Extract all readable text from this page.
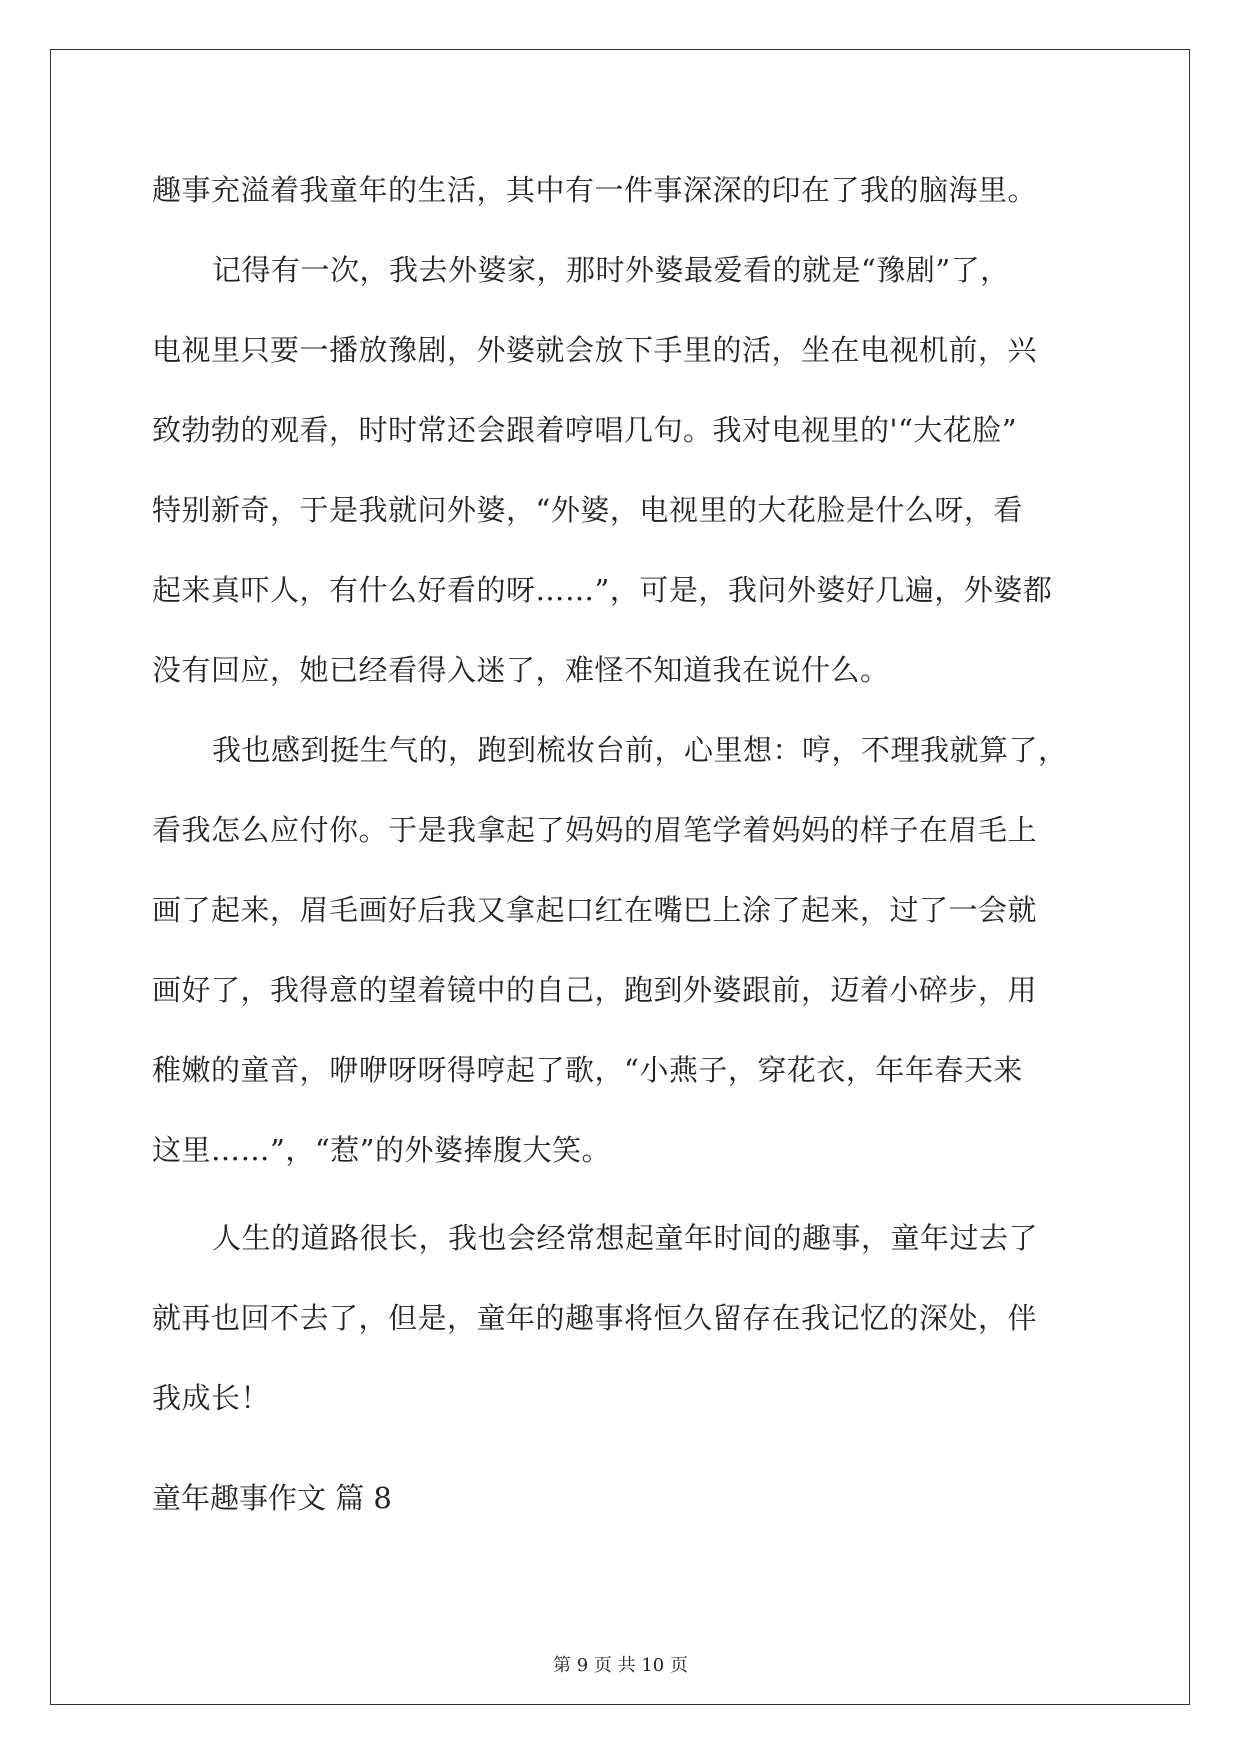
趣事充溢着我童年的生活，其中有一件事深深的印在了我的脑海里。
记得有一次，我去外婆家，那时外婆最爱看的就是“豫剧”了，
电视里只要一播放豫剧，外婆就会放下手里的活，坐在电视机前，兴
致勃勃的观看，时时常还会跟着哼唱几句。我对电视里的'“大花脸”
特别新奇，于是我就问外婆，“外婆，电视里的大花脸是什么呀，看
起来真吓人，有什么好看的呀……”，可是，我问外婆好几遍，外婆都
没有回应，她已经看得入迷了，难怪不知道我在说什么。
我也感到挺生气的，跑到梳妆台前，心里想：哼，不理我就算了，
看我怎么应付你。于是我拿起了妈妈的眉笔学着妈妈的样子在眉毛上
画了起来，眉毛画好后我又拿起口红在嘴巴上涂了起来，过了一会就
画好了，我得意的望着镜中的自己，跑到外婆跟前，迈着小碎步，用
稚嫩的童音，咿咿呀呀得哼起了歌，“小燕子，穿花衣，年年春天来
这里……”，“惹”的外婆捧腹大笑。
人生的道路很长，我也会经常想起童年时间的趣事，童年过去了
就再也回不去了，但是，童年的趣事将恒久留存在我记忆的深处，伴
我成长！
童年趣事作文 篇 8
第 9 页 共 10 页
